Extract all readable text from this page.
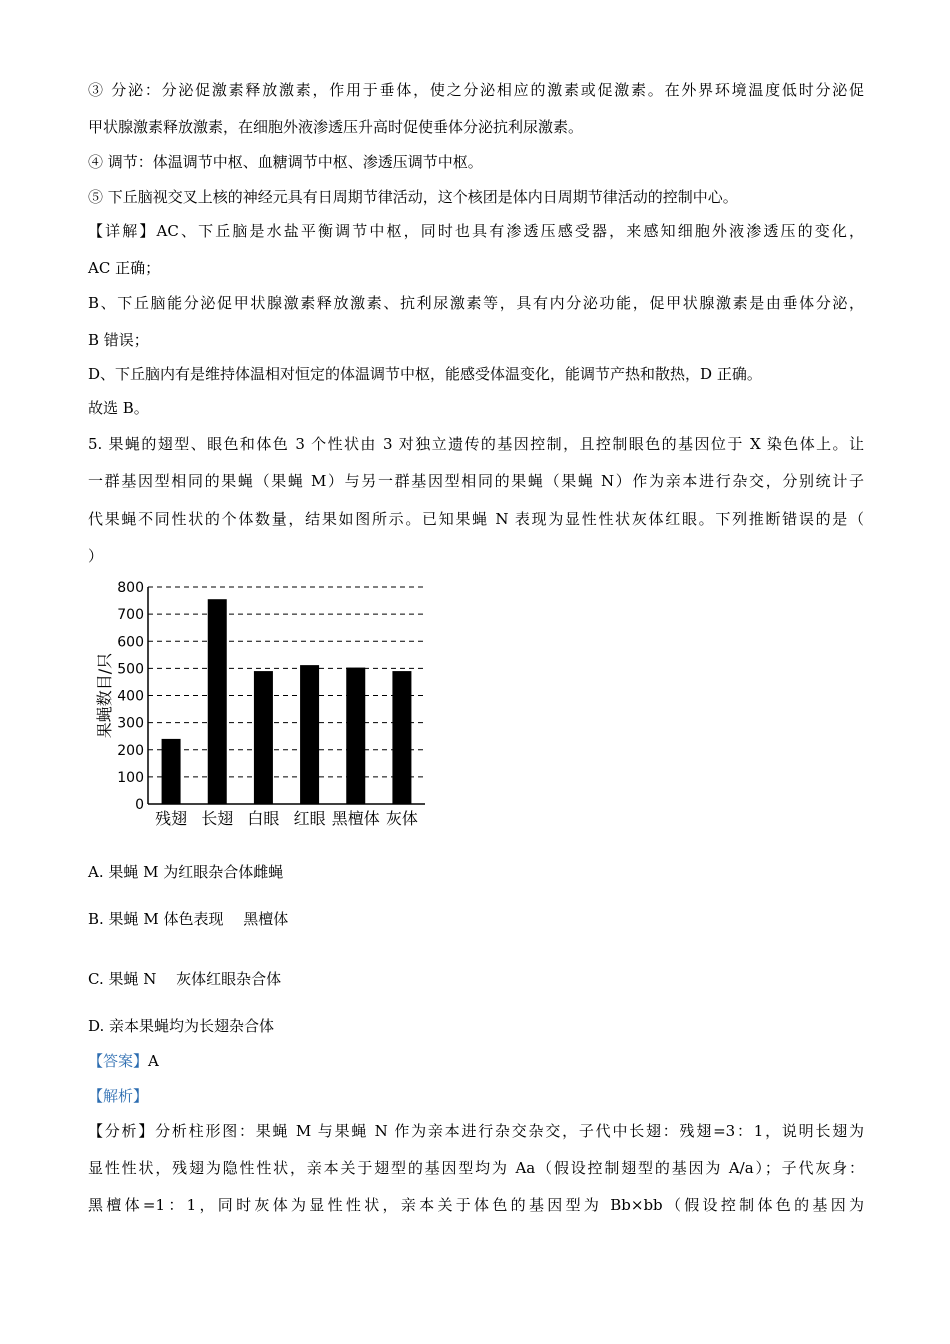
③ 分泌：分泌促激素释放激素，作用于垂体，使之分泌相应的激素或促激素。在外界环境温度低时分泌促
甲状腺激素释放激素，在细胞外液渗透压升高时促使垂体分泌抗利尿激素。
④ 调节：体温调节中枢、血糖调节中枢、渗透压调节中枢。
⑤ 下丘脑视交叉上核的神经元具有日周期节律活动，这个核团是体内日周期节律活动的控制中心。
【详解】AC、下丘脑是水盐平衡调节中枢，同时也具有渗透压感受器，来感知细胞外液渗透压的变化，
AC 正确；
B、下丘脑能分泌促甲状腺激素释放激素、抗利尿激素等，具有内分泌功能，促甲状腺激素是由垂体分泌，
B 错误；
D、下丘脑内有是维持体温相对恒定的体温调节中枢，能感受体温变化，能调节产热和散热，D 正确。
故选 B。
5. 果蝇的翅型、眼色和体色 3 个性状由 3 对独立遗传的基因控制，且控制眼色的基因位于 X 染色体上。让
一群基因型相同的果蝇（果蝇 M）与另一群基因型相同的果蝇（果蝇 N）作为亲本进行杂交，分别统计子
代果蝇不同性状的个体数量，结果如图所示。已知果蝇 N 表现为显性性状灰体红眼。下列推断错误的是（
）
0
100
200
300
400
500
600
700
800
残翅 长翅 白眼 红眼 黑檀体 灰体
果蝇数目/只
A. 果蝇 M 为红眼杂合体雌蝇
B. 果蝇 M 体色表现　 黑檀体
C. 果蝇 N　 灰体红眼杂合体
D. 亲本果蝇均为长翅杂合体
【答案】A
【解析】
【分析】分析柱形图：果蝇 M 与果蝇 N 作为亲本进行杂交杂交，子代中长翅：残翅=3：1，说明长翅为
显性性状，残翅为隐性性状，亲本关于翅型的基因型均为 Aa（假设控制翅型的基因为 A/a）；子代灰身：
黑檀体=1：1，同时灰体为显性性状，亲本关于体色的基因型为 Bb×bb（假设控制体色的基因为
